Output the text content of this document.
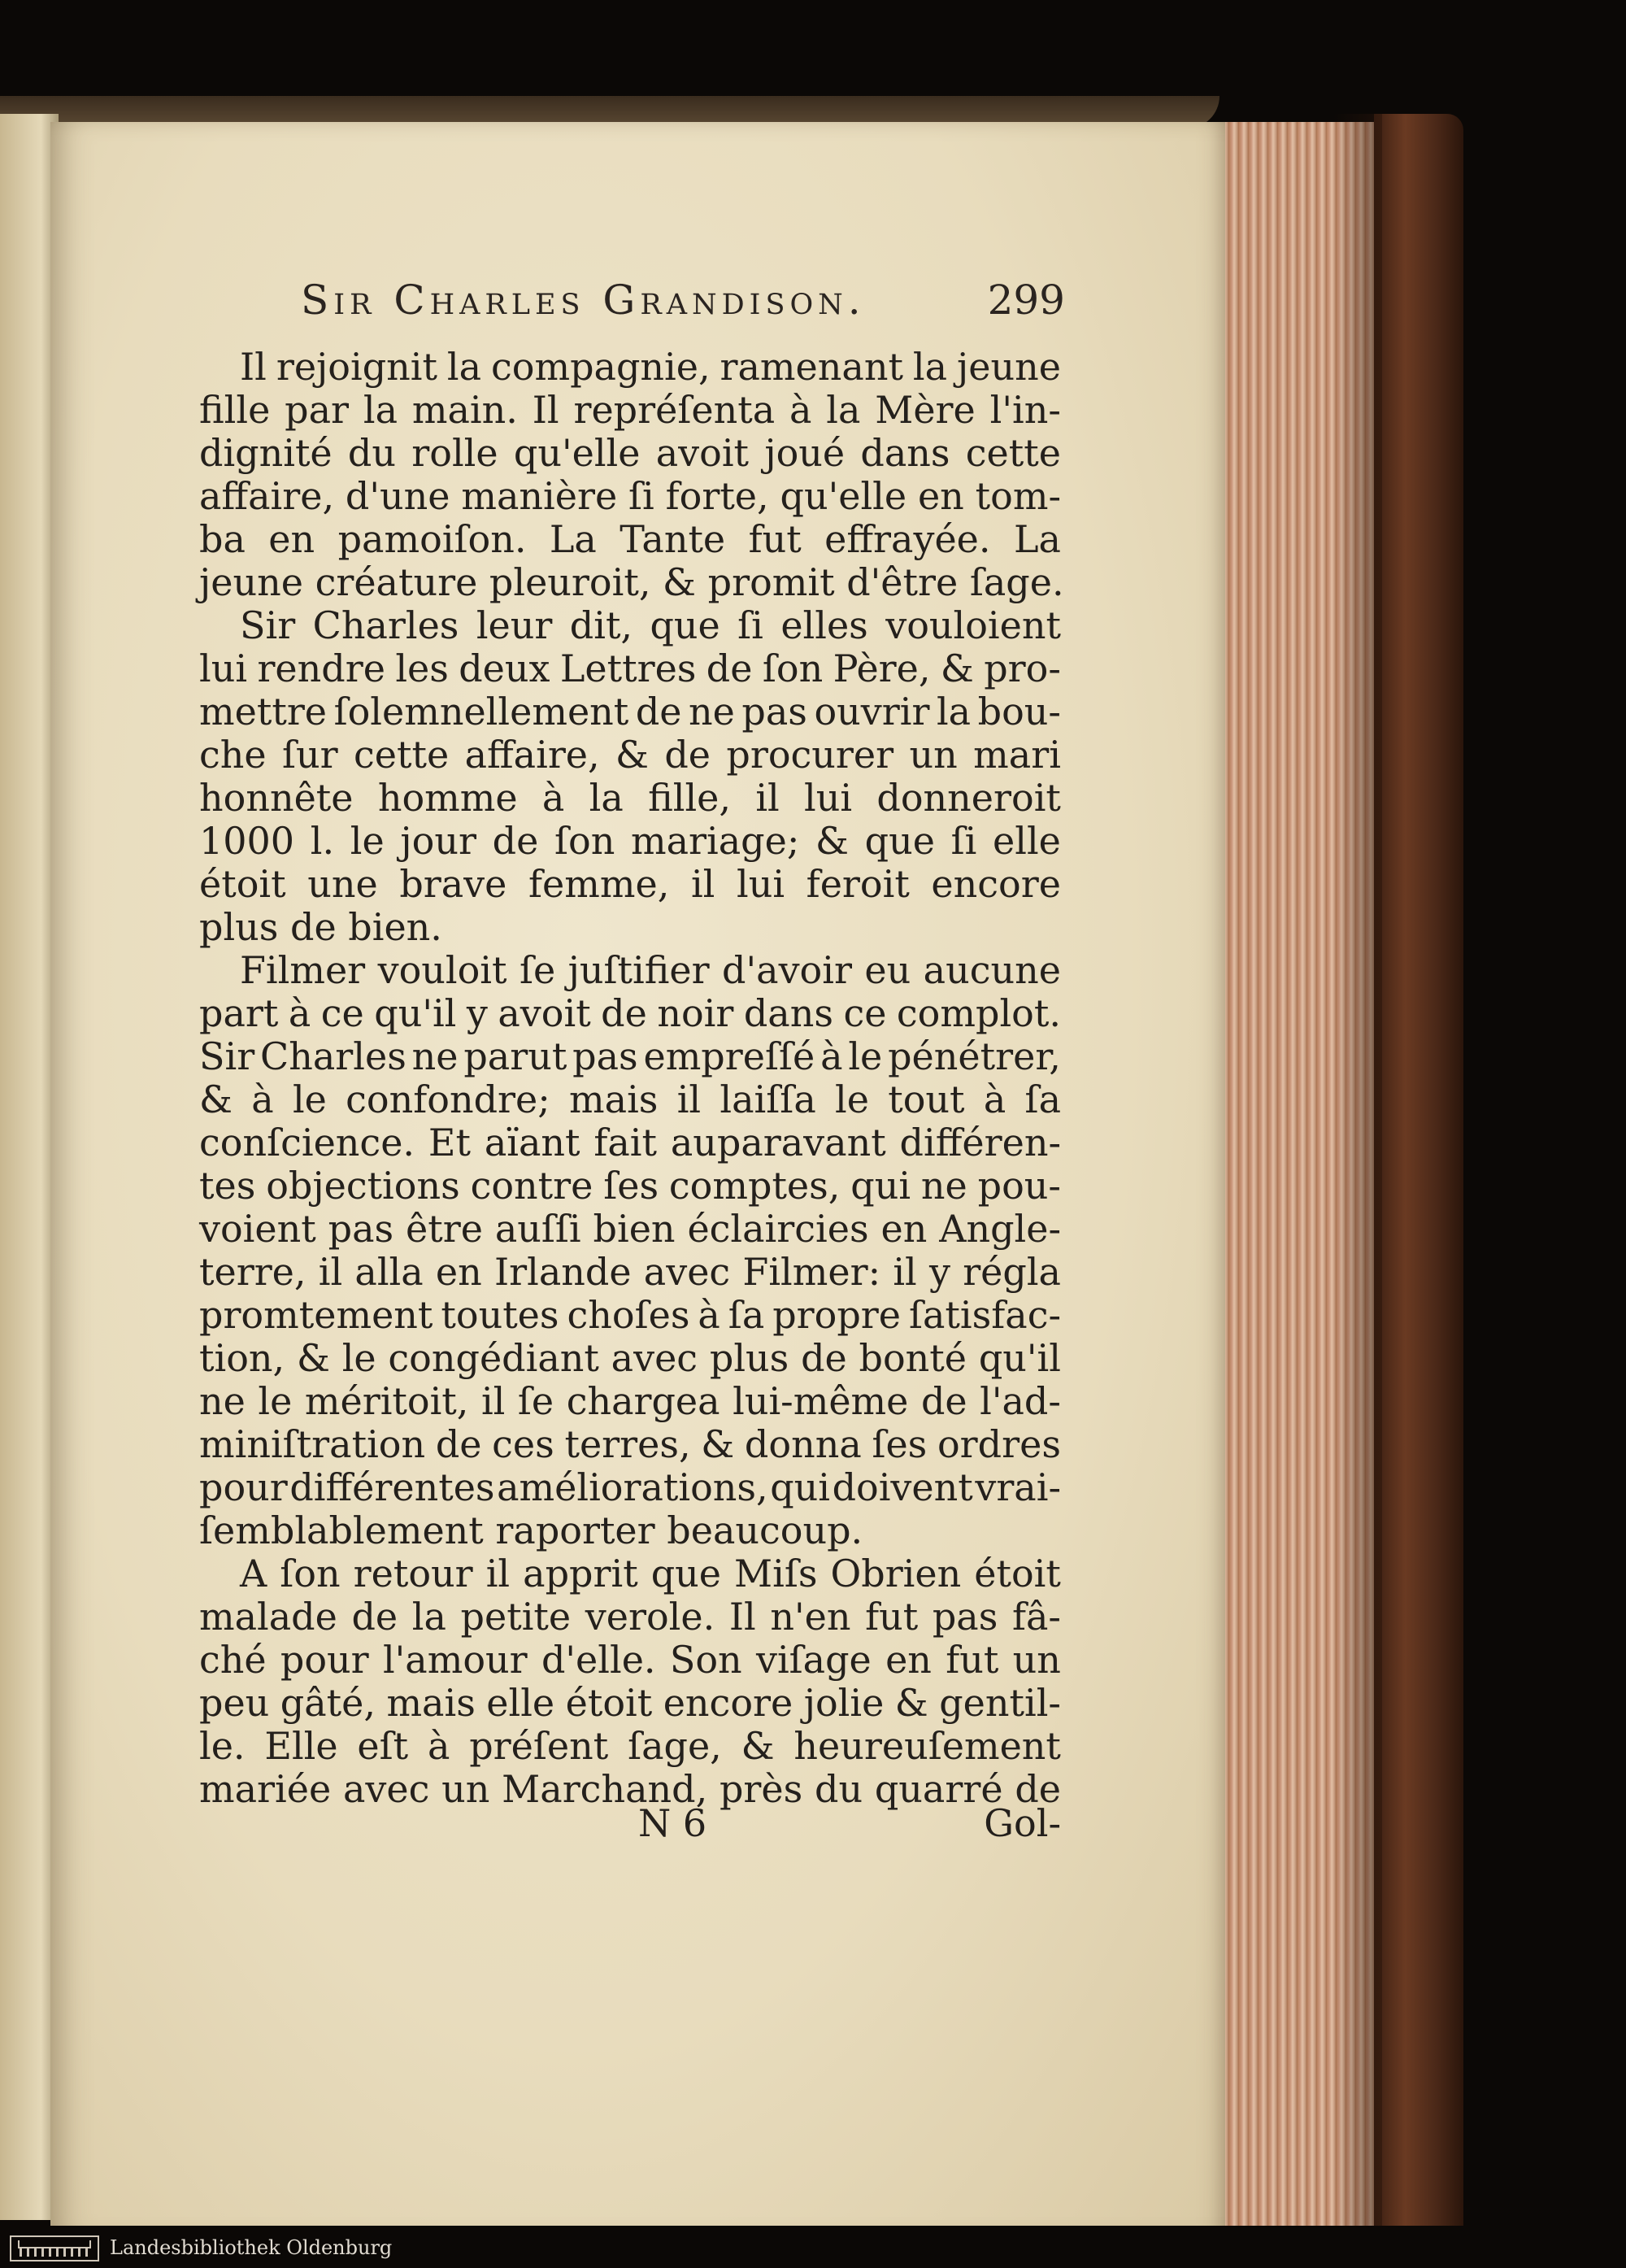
Sir Charles Grandison.	299
Il rejoignit la compagnie, ramenant la jeune
fille par la main. Il repréſenta à la Mère l'in-
dignité du rolle qu'elle avoit joué dans cette
affaire, d'une manière ſi forte, qu'elle en tom-
ba en pamoiſon. La Tante fut effrayée. La
jeune créature pleuroit, & promit d'être ſage.
Sir Charles leur dit, que ſi elles vouloient
lui rendre les deux Lettres de ſon Père, & pro-
mettre ſolemnellement de ne pas ouvrir la bou-
che ſur cette affaire, & de procurer un mari
honnête homme à la fille, il lui donneroit
1000 l. le jour de ſon mariage; & que ſi elle
étoit une brave femme, il lui feroit encore
plus de bien.
Filmer vouloit ſe juſtifier d'avoir eu aucune
part à ce qu'il y avoit de noir dans ce complot.
Sir Charles ne parut pas empreſſé à le pénétrer,
& à le confondre; mais il laiſſa le tout à ſa
conſcience. Et aïant fait auparavant différen-
tes objections contre ſes comptes, qui ne pou-
voient pas être auſſi bien éclaircies en Angle-
terre, il alla en Irlande avec Filmer: il y régla
promtement toutes choſes à ſa propre ſatisfac-
tion, & le congédiant avec plus de bonté qu'il
ne le méritoit, il ſe chargea lui-même de l'ad-
miniſtration de ces terres, & donna ſes ordres
pour différentes améliorations, qui doivent vrai-
ſemblablement raporter beaucoup.
A ſon retour il apprit que Miſs Obrien étoit
malade de la petite verole. Il n'en fut pas fâ-
ché pour l'amour d'elle. Son viſage en fut un
peu gâté, mais elle étoit encore jolie & gentil-
le. Elle eſt à préſent ſage, & heureuſement
mariée avec un Marchand, près du quarré de
N 6	Gol-
Landesbibliothek Oldenburg
